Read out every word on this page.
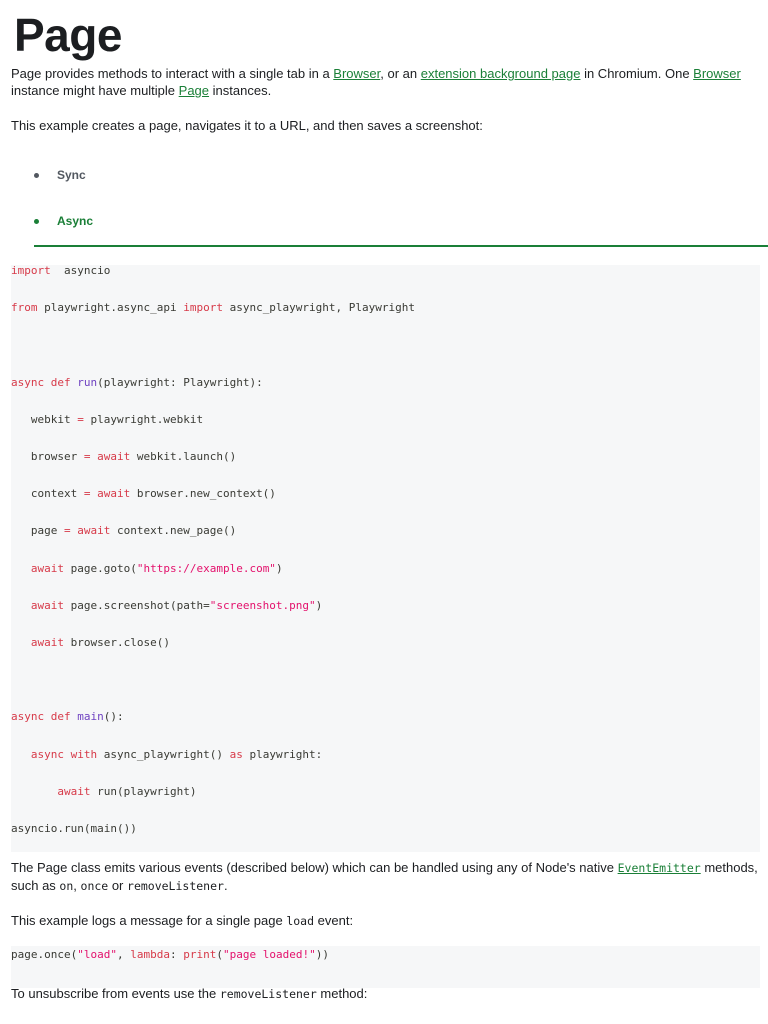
Page

Page provides methods to interact with a single tab in a Browser, or an extension background page in Chromium. One Browser instance might have multiple Page instances.

This example creates a page, navigates it to a URL, and then saves a screenshot:

Sync
Async
import  asyncio
from playwright.async_api import async_playwright, Playwright
async def run(playwright: Playwright):
webkit = playwright.webkit
browser = await webkit.launch()
context = await browser.new_context()
page = await context.new_page()
await page.goto("https://example.com")
await page.screenshot(path="screenshot.png")
await browser.close()
async def main():
async with async_playwright() as playwright:
await run(playwright)
asyncio.run(main())

The Page class emits various events (described below) which can be handled using any of Node's native EventEmitter methods, such as on, once or removeListener.

This example logs a message for a single page load event:

page.once("load", lambda: print("page loaded!"))

To unsubscribe from events use the removeListener method:
